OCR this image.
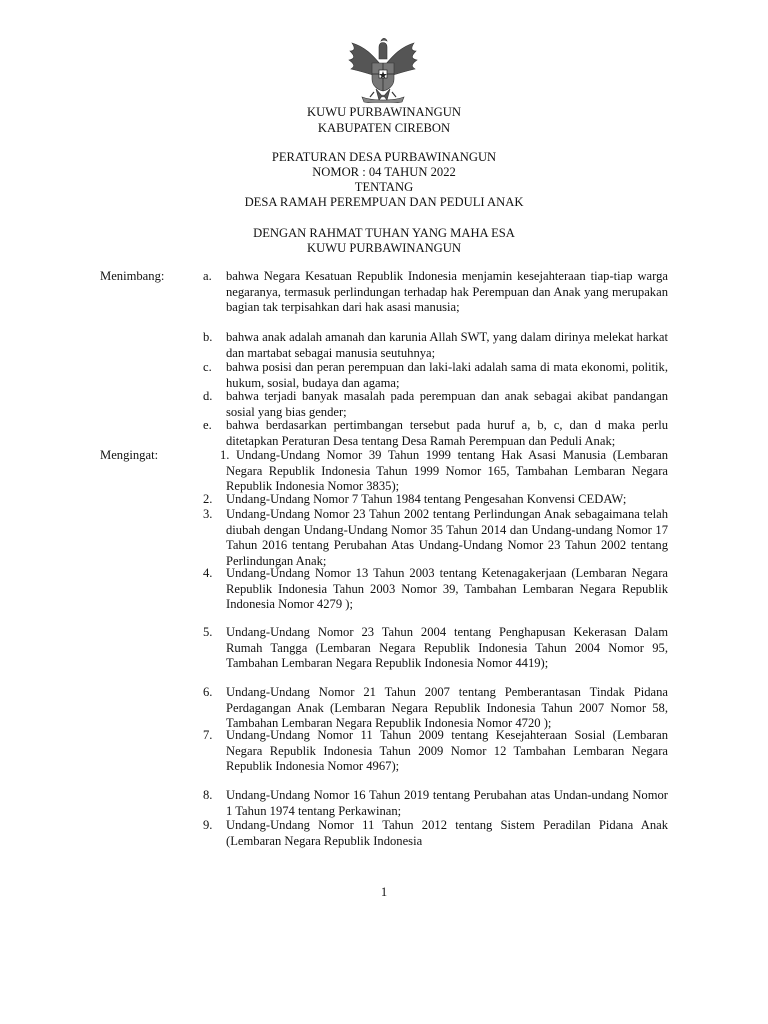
KUWU PURBAWINANGUN

KABUPATEN CIREBON

PERATURAN DESA PURBAWINANGUN

NOMOR : 04 TAHUN 2022

TENTANG

DESA RAMAH PEREMPUAN DAN PEDULI ANAK

DENGAN RAHMAT TUHAN YANG MAHA ESA

KUWU PURBAWINANGUN

Menimbang:	a. bahwa Negara Kesatuan Republik Indonesia menjamin kesejahteraan tiap-tiap warga negaranya, termasuk perlindungan terhadap hak Perempuan dan Anak yang merupakan bagian tak terpisahkan dari hak asasi manusia;

b. bahwa anak adalah amanah dan karunia Allah SWT, yang dalam dirinya melekat harkat dan martabat sebagai manusia seutuhnya;

c. bahwa posisi dan peran perempuan dan laki-laki adalah sama di mata ekonomi, politik, hukum, sosial, budaya dan agama;

d. bahwa terjadi banyak masalah pada perempuan dan anak sebagai akibat pandangan sosial yang bias gender;

e. bahwa berdasarkan pertimbangan tersebut pada huruf a, b, c, dan d maka perlu ditetapkan Peraturan Desa tentang Desa Ramah Perempuan dan Peduli Anak;

Mengingat:	1. Undang-Undang Nomor 39 Tahun 1999 tentang Hak Asasi Manusia (Lembaran Negara Republik Indonesia Tahun 1999 Nomor 165, Tambahan Lembaran Negara Republik Indonesia Nomor 3835);

2. Undang-Undang Nomor 7 Tahun 1984 tentang Pengesahan Konvensi CEDAW;

3. Undang-Undang Nomor 23 Tahun 2002 tentang Perlindungan Anak sebagaimana telah diubah dengan Undang-Undang Nomor 35 Tahun 2014 dan Undang-undang Nomor 17 Tahun 2016 tentang Perubahan Atas Undang-Undang Nomor 23 Tahun 2002 tentang Perlindungan Anak;

4. Undang-Undang Nomor 13 Tahun 2003 tentang Ketenagakerjaan (Lembaran Negara Republik Indonesia Tahun 2003 Nomor 39, Tambahan Lembaran Negara Republik Indonesia Nomor 4279 );

5. Undang-Undang Nomor 23 Tahun 2004 tentang Penghapusan Kekerasan Dalam Rumah Tangga (Lembaran Negara Republik Indonesia Tahun 2004 Nomor 95, Tambahan Lembaran Negara Republik Indonesia Nomor 4419);

6. Undang-Undang Nomor 21 Tahun 2007 tentang Pemberantasan Tindak Pidana Perdagangan Anak (Lembaran Negara Republik Indonesia Tahun 2007 Nomor 58, Tambahan Lembaran Negara Republik Indonesia Nomor 4720 );

7. Undang-Undang Nomor 11 Tahun 2009 tentang Kesejahteraan Sosial (Lembaran Negara Republik Indonesia Tahun 2009 Nomor 12 Tambahan Lembaran Negara Republik Indonesia Nomor 4967);

8. Undang-Undang Nomor 16 Tahun 2019 tentang Perubahan atas Undan-undang Nomor 1 Tahun 1974 tentang Perkawinan;

9. Undang-Undang Nomor 11 Tahun 2012 tentang Sistem Peradilan Pidana Anak (Lembaran Negara Republik Indonesia

1
